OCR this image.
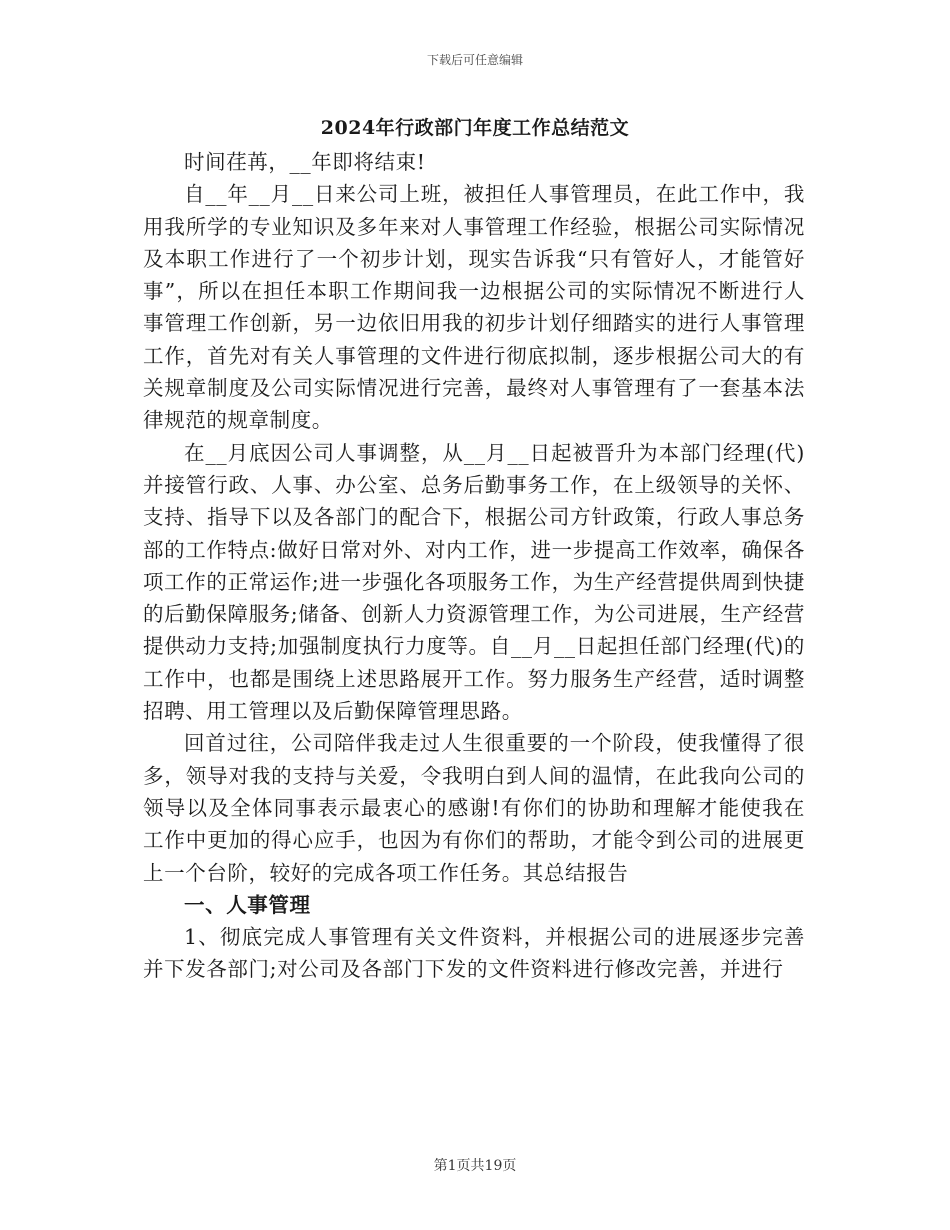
下载后可任意编辑
2024年行政部门年度工作总结范文

时间荏苒，__年即将结束!

自__年__月__日来公司上班，被担任人事管理员，在此工作中，我用我所学的专业知识及多年来对人事管理工作经验，根据公司实际情况及本职工作进行了一个初步计划，现实告诉我“只有管好人，才能管好事”，所以在担任本职工作期间我一边根据公司的实际情况不断进行人事管理工作创新，另一边依旧用我的初步计划仔细踏实的进行人事管理工作，首先对有关人事管理的文件进行彻底拟制，逐步根据公司大的有关规章制度及公司实际情况进行完善，最终对人事管理有了一套基本法律规范的规章制度。

在__月底因公司人事调整，从__月__日起被晋升为本部门经理(代)并接管行政、人事、办公室、总务后勤事务工作，在上级领导的关怀、支持、指导下以及各部门的配合下，根据公司方针政策，行政人事总务部的工作特点:做好日常对外、对内工作，进一步提高工作效率，确保各项工作的正常运作;进一步强化各项服务工作，为生产经营提供周到快捷的后勤保障服务;储备、创新人力资源管理工作，为公司进展，生产经营提供动力支持;加强制度执行力度等。自__月__日起担任部门经理(代)的工作中，也都是围绕上述思路展开工作。努力服务生产经营，适时调整招聘、用工管理以及后勤保障管理思路。

回首过往，公司陪伴我走过人生很重要的一个阶段，使我懂得了很多，领导对我的支持与关爱，令我明白到人间的温情，在此我向公司的领导以及全体同事表示最衷心的感谢!有你们的协助和理解才能使我在工作中更加的得心应手，也因为有你们的帮助，才能令到公司的进展更上一个台阶，较好的完成各项工作任务。其总结报告

一、人事管理

1、彻底完成人事管理有关文件资料，并根据公司的进展逐步完善并下发各部门;对公司及各部门下发的文件资料进行修改完善，并进行

第1页共19页
